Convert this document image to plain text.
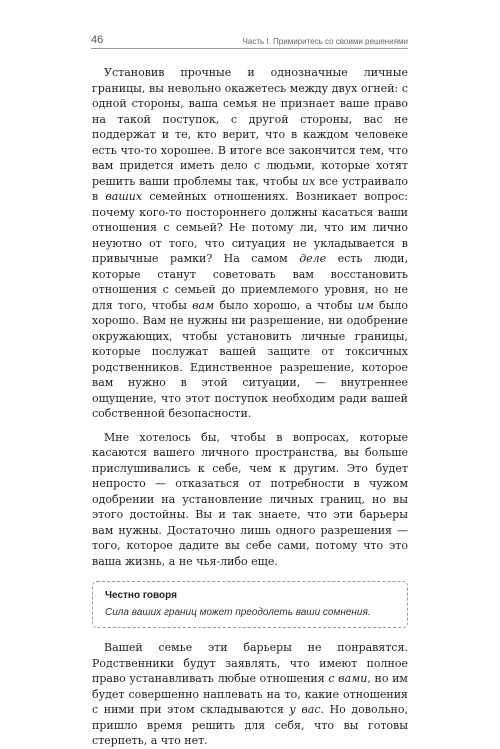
46	Часть I. Примиритесь со своими решениями

Установив прочные и однозначные личные границы, вы невольно окажетесь между двух огней: с одной стороны, ваша семья не признает ваше право на такой поступок, с другой стороны, вас не поддержат и те, кто верит, что в каждом человеке есть что-то хорошее. В итоге все закончится тем, что вам придется иметь дело с людьми, которые хотят решить ваши проблемы так, чтобы их все устраивало в ваших семейных отношениях. Возникает вопрос: почему кого-то постороннего должны касаться ваши отношения с семьей? Не потому ли, что им лично неуютно от того, что ситуация не укладывается в привычные рамки? На самом деле есть люди, которые станут советовать вам восстановить отношения с семьей до приемлемого уровня, но не для того, чтобы вам было хорошо, а чтобы им было хорошо. Вам не нужны ни разрешение, ни одобрение окружающих, чтобы установить личные границы, которые послужат вашей защите от токсичных родственников. Единственное разрешение, которое вам нужно в этой ситуации, — внутреннее ощущение, что этот поступок необходим ради вашей собственной безопасности.

Мне хотелось бы, чтобы в вопросах, которые касаются вашего личного пространства, вы больше прислушивались к себе, чем к другим. Это будет непросто — отказаться от потребности в чужом одобрении на установление личных границ, но вы этого достойны. Вы и так знаете, что эти барьеры вам нужны. Достаточно лишь одного разрешения — того, которое дадите вы себе сами, потому что это ваша жизнь, а не чья-либо еще.

Честно говоря
Сила ваших границ может преодолеть ваши сомнения.

Вашей семье эти барьеры не понравятся. Родственники будут заявлять, что имеют полное право устанавливать любые отношения с вами, но им будет совершенно наплевать на то, какие отношения с ними при этом складываются у вас. Но довольно, пришло время решить для себя, что вы готовы стерпеть, а что нет.
